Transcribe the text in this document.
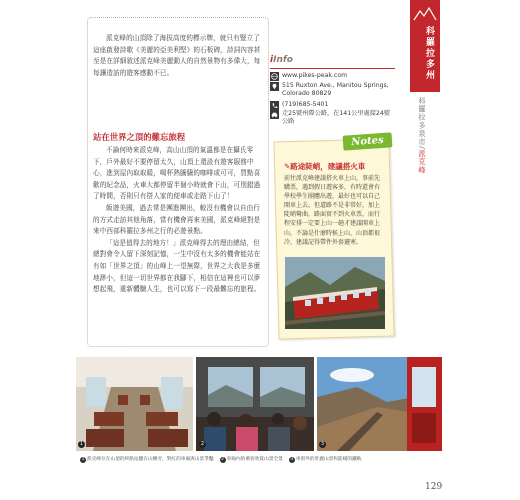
科羅拉多州
科羅拉多泉市/派克峰

派克峰的山頂除了海拔高度的標示牌，就只有豎立了這座啟發詩歌《美麗的亞美利堅》的石板碑，詩詞內容甚至是在詳細敘述派克峰美麗動人的自然景物有多偉大，每每讓造訪的遊客感動不已。

站在世界之頂的難忘旅程

不論何時來派克峰，高山山頂的氣溫都是在攝氏零下，戶外最好不要停留太久，山頂上還設有遊客服務中心，進到屋內取取暖，喝杯熱騰騰的咖啡或可可，買點喜歡的紀念品，火車大都停留半個小時就會下山，可別錯過了時間，否則只有搭人家的便車或走路下山了！

飯遊美國，過去常是團進團出，較沒有機會以自由行的方式走訪其他角落，當有機會再來美國，派克峰絕對是來中西部科羅拉多州之行的必遊景點。

「這是值得去的地方！」派克峰得去的理由總結，但總對會令人留下深刻記憶，一生中沒有太多的機會能站在有如「世界之頂」的山峰上一望無際，世界之大我是多麼地渺小，但這一切世界都在我腳下，相信在這裡也可以夢想起飛，重新體驗人生，也可以寫下一段最難忘的旅程。

iInfo
www.pikes-peak.com
515 Ruxton Ave., Manitou Springs, Colorado 80829
(719)685-5401
走25號州際公路，在141公里處接24號公路
Notes
✎路途陡峭，建議搭火車
前往派克峰建議搭火車上山，事前先購票，遇到假日遊客多，有時還會有學校學生團體出遊，最好也可以自己開車上去，但道路不是非常好，加上陡峭彎曲，路面實不到火車票，而行程安排一定要上山一趟才建議開車上山，不論是什麼時候上山，山頂都很冷，建議記得帶件外套避寒。
1	2	3
1 派克峰位在山頂的終點站雖在山腰旁，對紅的車廂與山景爭豔	2 車廂內的乘客欣賞山景全景	3 車窗外的壯麗山景和陡峭的鐵軌
129
